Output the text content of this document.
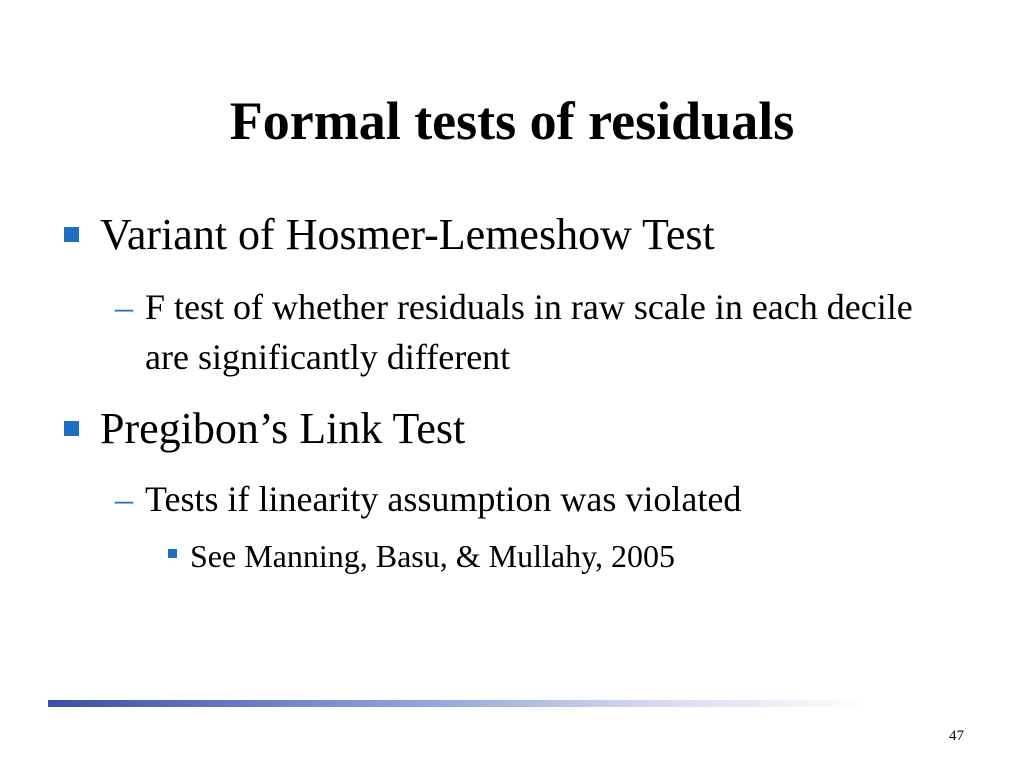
Formal tests of residuals
Variant of Hosmer-Lemeshow Test
– F test of whether residuals in raw scale in each decile are significantly different
Pregibon’s Link Test
– Tests if linearity assumption was violated
See Manning, Basu, & Mullahy, 2005
47
